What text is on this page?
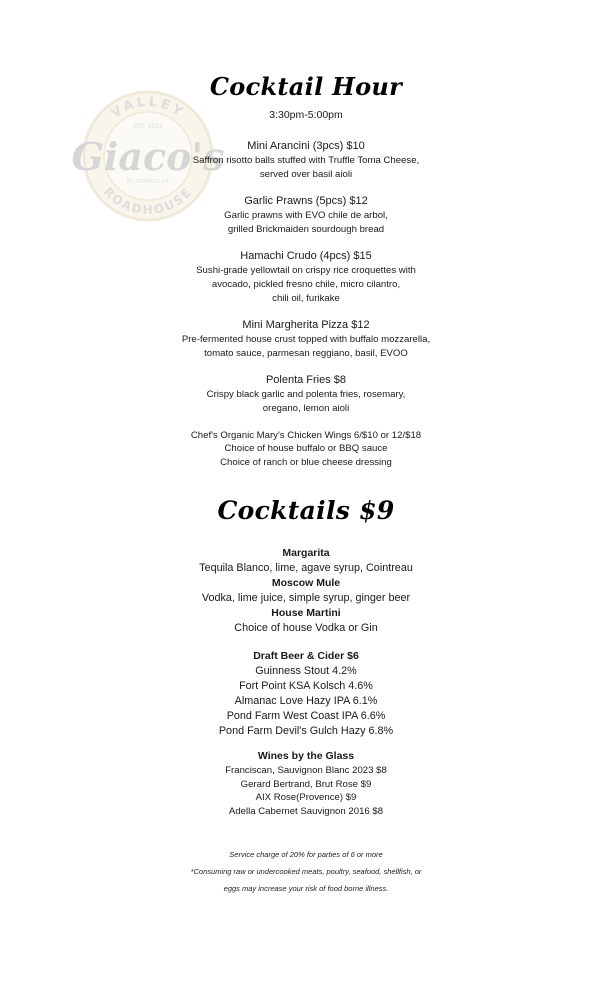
VALLEY
EST. 2022
Giaco's
EL DORADO CA
ROADHOUSE
Cocktail Hour
3:30pm-5:00pm
Mini Arancini (3pcs) $10
Saffron risotto balls stuffed with Truffle Toma Cheese,
served over basil aioli
Garlic Prawns (5pcs) $12
Garlic prawns with EVO chile de arbol,
grilled Brickmaiden sourdough bread
Hamachi Crudo (4pcs) $15
Sushi-grade yellowtail on crispy rice croquettes with
avocado, pickled fresno chile, micro cilantro,
chili oil, furikake
Mini Margherita Pizza $12
Pre-fermented house crust topped with buffalo mozzarella,
tomato sauce, parmesan reggiano, basil, EVOO
Polenta Fries $8
Crispy black garlic and polenta fries, rosemary,
oregano, lemon aioli
Chef's Organic Mary's Chicken Wings 6/$10 or 12/$18
Choice of house buffalo or BBQ sauce
Choice of ranch or blue cheese dressing
Cocktails $9
Margarita
Tequila Blanco, lime, agave syrup, Cointreau
Moscow Mule
Vodka, lime juice, simple syrup, ginger beer
House Martini
Choice of house Vodka or Gin
Draft Beer & Cider $6
Guinness Stout 4.2%
Fort Point KSA Kolsch 4.6%
Almanac Love Hazy IPA 6.1%
Pond Farm West Coast IPA 6.6%
Pond Farm Devil's Gulch Hazy 6.8%
Wines by the Glass
Franciscan, Sauvignon Blanc 2023 $8
Gerard Bertrand, Brut Rose $9
AIX Rose(Provence) $9
Adella Cabernet Sauvignon 2016 $8
Service charge of 20% for parties of 6 or more
*Consuming raw or undercooked meats, poultry, seafood, shellfish, or
eggs may increase your risk of food borne illness.
